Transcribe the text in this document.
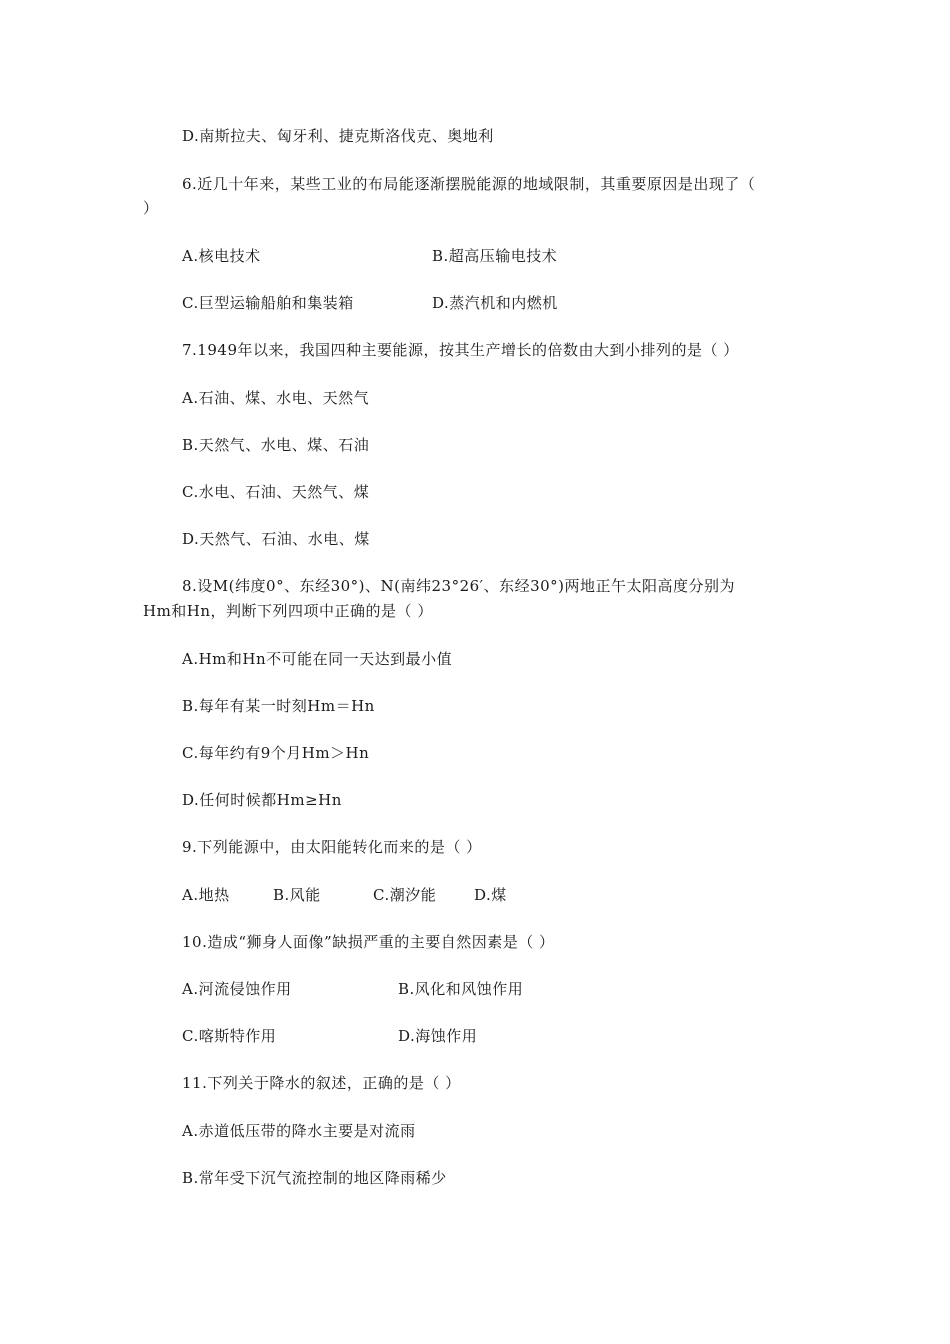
D.南斯拉夫、匈牙利、捷克斯洛伐克、奥地利
6.近几十年来，某些工业的布局能逐渐摆脱能源的地域限制，其重要原因是出现了（
）
A.核电技术	B.超高压输电技术
C.巨型运输船舶和集装箱	D.蒸汽机和内燃机
7.1949年以来，我国四种主要能源，按其生产增长的倍数由大到小排列的是（ ）
A.石油、煤、水电、天然气
B.天然气、水电、煤、石油
C.水电、石油、天然气、煤
D.天然气、石油、水电、煤
8.设M(纬度0°、东经30°)、N(南纬23°26′、东经30°)两地正午太阳高度分别为
Hm和Hn，判断下列四项中正确的是（ ）
A.Hm和Hn不可能在同一天达到最小值
B.每年有某一时刻Hm＝Hn
C.每年约有9个月Hm＞Hn
D.任何时候都Hm≥Hn
9.下列能源中，由太阳能转化而来的是（ ）
A.地热	B.风能	C.潮汐能	D.煤
10.造成“狮身人面像”缺损严重的主要自然因素是（ ）
A.河流侵蚀作用	B.风化和风蚀作用
C.喀斯特作用	D.海蚀作用
11.下列关于降水的叙述，正确的是（ ）
A.赤道低压带的降水主要是对流雨
B.常年受下沉气流控制的地区降雨稀少
